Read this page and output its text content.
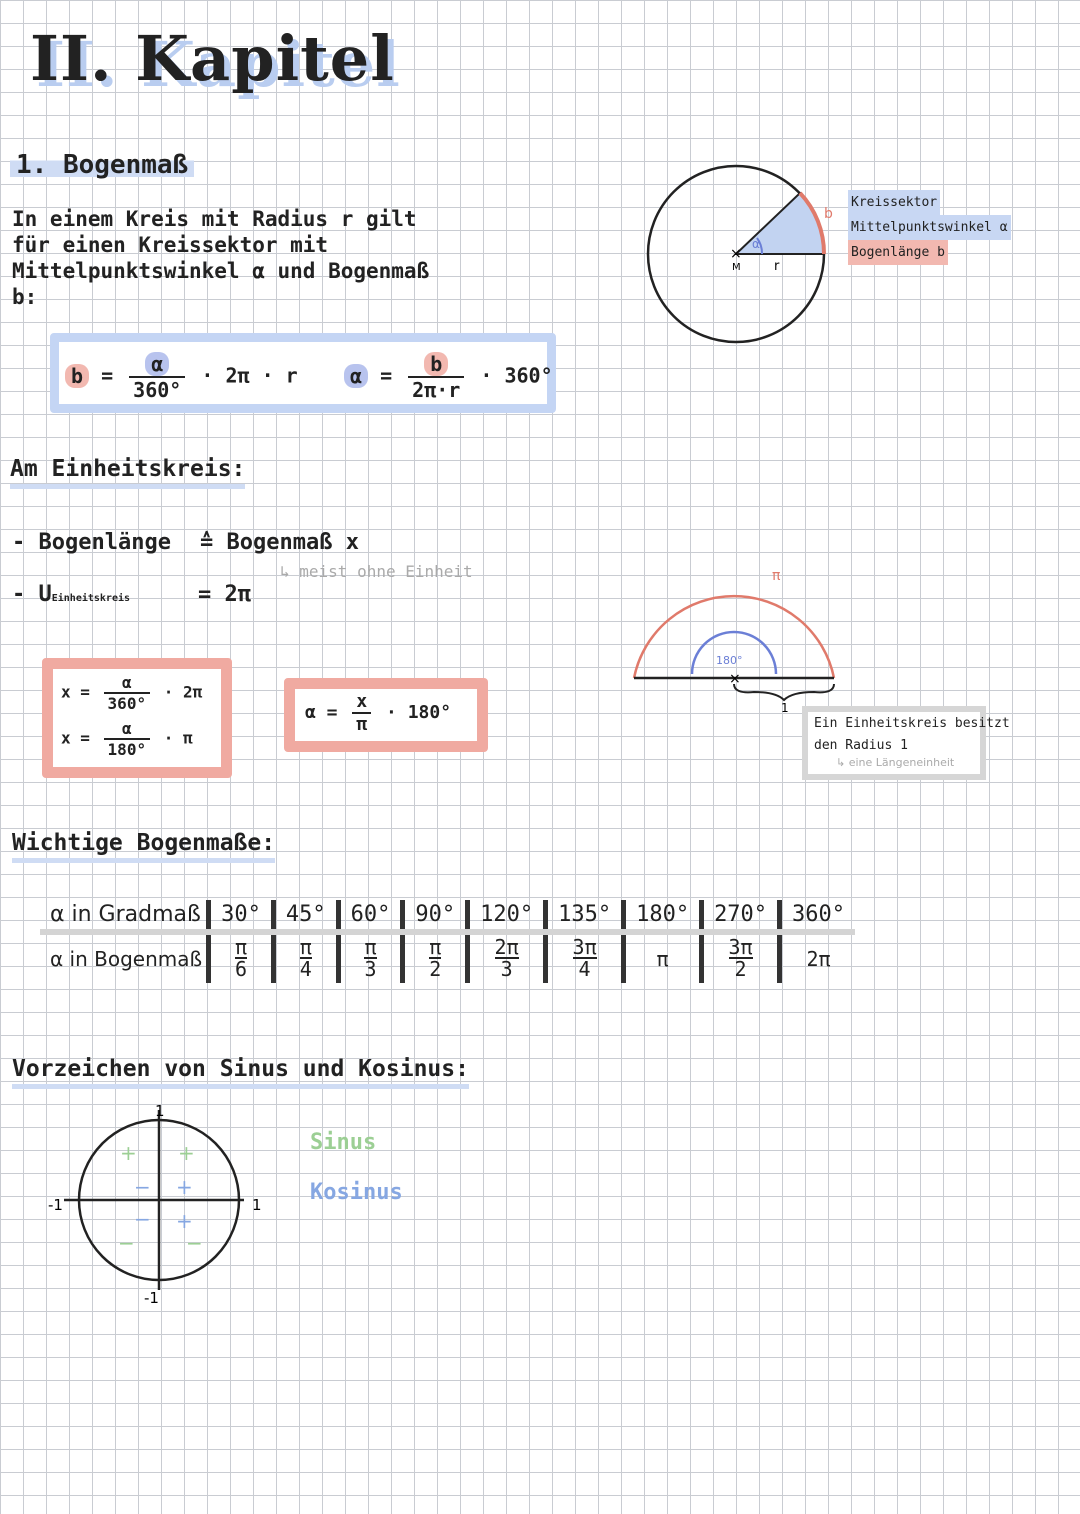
II. Kapitel
1. Bogenmaß
In einem Kreis mit Radius r gilt für einen Kreissektor mit Mittelpunktswinkel α und Bogenmaß b:
$b = \frac{\alpha}{360^\circ} \cdot 2\pi \cdot r$	$\alpha = \frac{b}{2\pi\cdot r} \cdot 360^\circ$
×
α
r
M
b
Kreissektor
Mittelpunktswinkel α
Bogenlänge b
Am Einheitskreis:
- Bogenlänge ≙ Bogenmaß x
↳ meist ohne Einheit
- UEinheitskreis	= 2π
$x = \frac{\alpha}{360^\circ} \cdot 2\pi$
$x = \frac{\alpha}{180^\circ} \cdot \pi$
$\alpha = \frac{x}{\pi} \cdot 180^\circ$
×
π
180°
1
Ein Einheitskreis besitzt
den Radius 1
↳ eine Längeneinheit
Wichtige Bogenmaße:
α in Gradmaß	30°	45°	60°	90°	120°	135°	180°	270°	360°
α in Bogenmaß	$\frac{\pi}{6}$	$\frac{\pi}{4}$	$\frac{\pi}{3}$	$\frac{\pi}{2}$	$\frac{2\pi}{3}$	$\frac{3\pi}{4}$	π	$\frac{3\pi}{2}$	2π
Vorzeichen von Sinus und Kosinus:
1
-1
-1	1
+ +
− +
− +
−	−
Sinus
Kosinus
